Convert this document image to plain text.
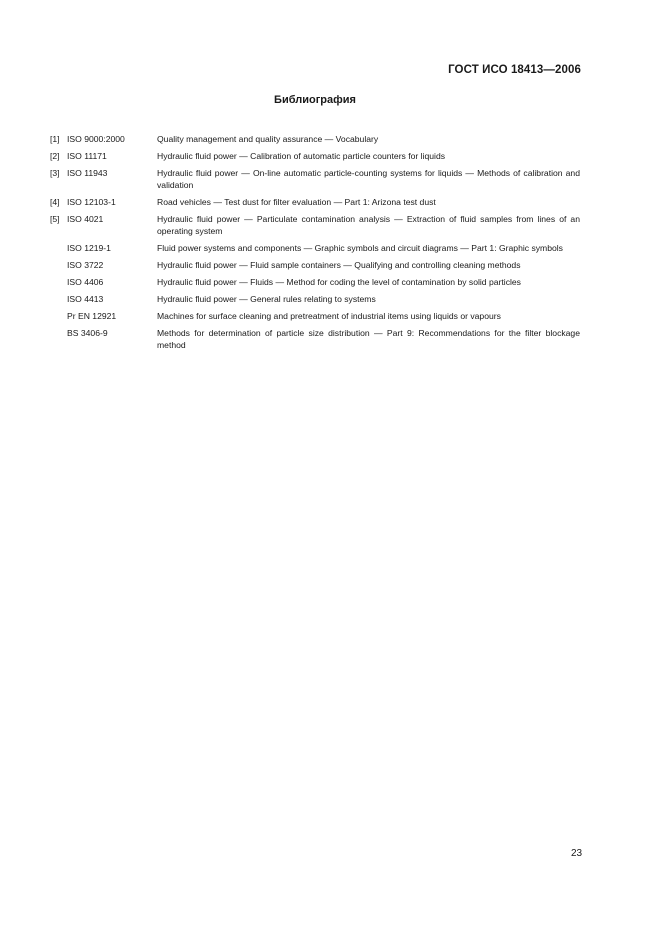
ГОСТ ИСО 18413—2006
Библиография
[1] ISO 9000:2000	Quality management and quality assurance — Vocabulary
[2] ISO 11171	Hydraulic fluid power — Calibration of automatic particle counters for liquids
[3] ISO 11943	Hydraulic fluid power — On-line automatic particle-counting systems for liquids — Methods of calibration and validation
[4] ISO 12103-1	Road vehicles — Test dust for filter evaluation — Part 1: Arizona test dust
[5] ISO 4021	Hydraulic fluid power — Particulate contamination analysis — Extraction of fluid samples from lines of an operating system
ISO 1219-1	Fluid power systems and components — Graphic symbols and circuit diagrams — Part 1: Graphic symbols
ISO 3722	Hydraulic fluid power — Fluid sample containers — Qualifying and controlling cleaning methods
ISO 4406	Hydraulic fluid power — Fluids — Method for coding the level of contamination by solid particles
ISO 4413	Hydraulic fluid power — General rules relating to systems
Pr EN 12921	Machines for surface cleaning and pretreatment of industrial items using liquids or vapours
BS 3406-9	Methods for determination of particle size distribution — Part 9: Recommendations for the filter blockage method
23
